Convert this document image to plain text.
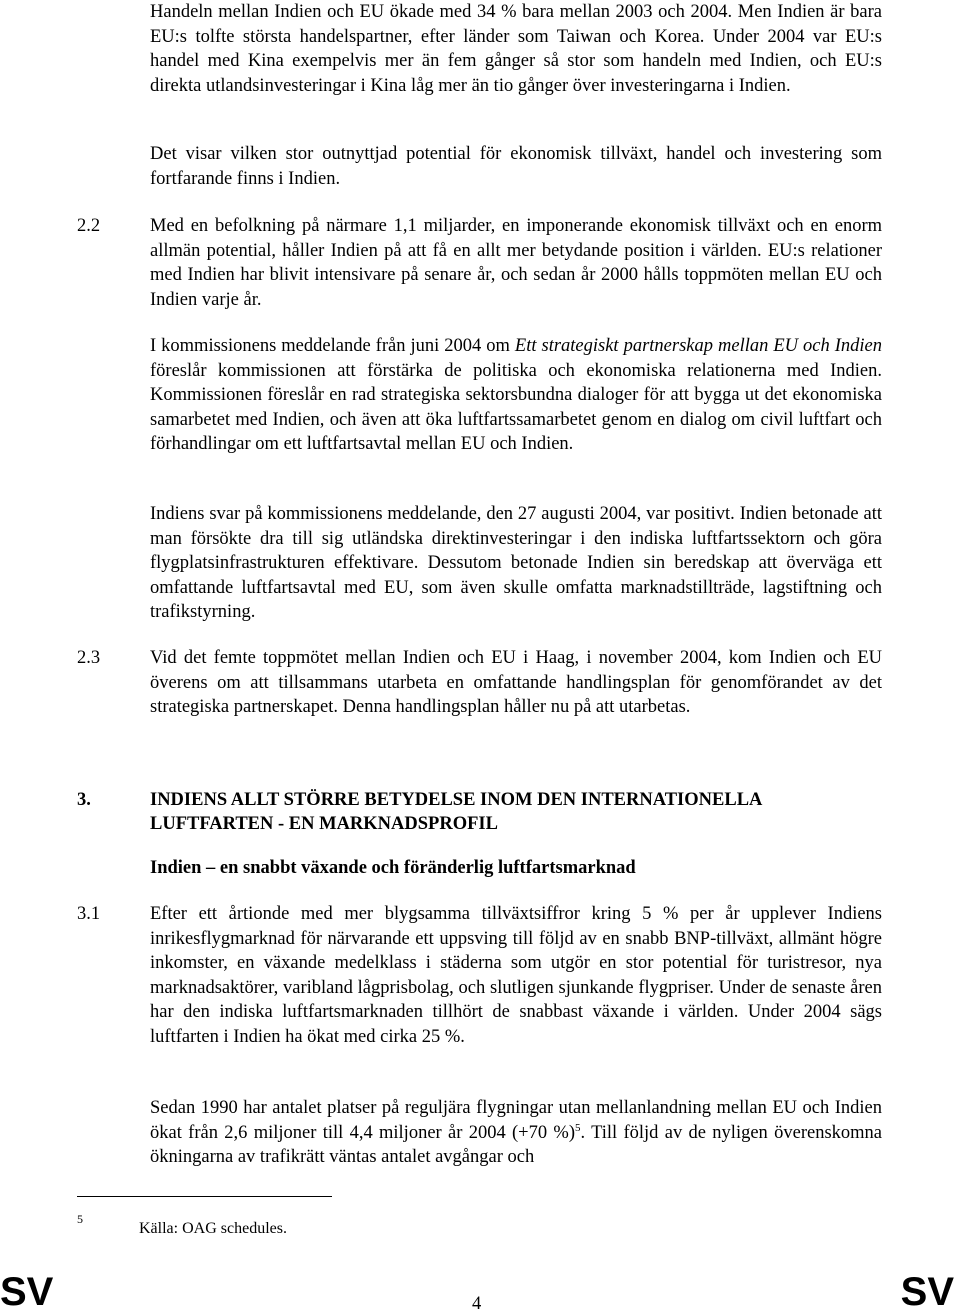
Handeln mellan Indien och EU ökade med 34 % bara mellan 2003 och 2004. Men Indien är bara EU:s tolfte största handelspartner, efter länder som Taiwan och Korea. Under 2004 var EU:s handel med Kina exempelvis mer än fem gånger så stor som handeln med Indien, och EU:s direkta utlandsinvesteringar i Kina låg mer än tio gånger över investeringarna i Indien.

Det visar vilken stor outnyttjad potential för ekonomisk tillväxt, handel och investering som fortfarande finns i Indien.

2.2	Med en befolkning på närmare 1,1 miljarder, en imponerande ekonomisk tillväxt och en enorm allmän potential, håller Indien på att få en allt mer betydande position i världen. EU:s relationer med Indien har blivit intensivare på senare år, och sedan år 2000 hålls toppmöten mellan EU och Indien varje år.

I kommissionens meddelande från juni 2004 om Ett strategiskt partnerskap mellan EU och Indien föreslår kommissionen att förstärka de politiska och ekonomiska relationerna med Indien. Kommissionen föreslår en rad strategiska sektorsbundna dialoger för att bygga ut det ekonomiska samarbetet med Indien, och även att öka luftfartssamarbetet genom en dialog om civil luftfart och förhandlingar om ett luftfartsavtal mellan EU och Indien.

Indiens svar på kommissionens meddelande, den 27 augusti 2004, var positivt. Indien betonade att man försökte dra till sig utländska direktinvesteringar i den indiska luftfartssektorn och göra flygplatsinfrastrukturen effektivare. Dessutom betonade Indien sin beredskap att överväga ett omfattande luftfartsavtal med EU, som även skulle omfatta marknadstillträde, lagstiftning och trafikstyrning.

2.3	Vid det femte toppmötet mellan Indien och EU i Haag, i november 2004, kom Indien och EU överens om att tillsammans utarbeta en omfattande handlingsplan för genomförandet av det strategiska partnerskapet. Denna handlingsplan håller nu på att utarbetas.

3.	INDIENS ALLT STÖRRE BETYDELSE INOM DEN INTERNATIONELLA LUFTFARTEN - EN MARKNADSPROFIL
Indien – en snabbt växande och föränderlig luftfartsmarknad
3.1	Efter ett årtionde med mer blygsamma tillväxtsiffror kring 5 % per år upplever Indiens inrikesflygmarknad för närvarande ett uppsving till följd av en snabb BNP-tillväxt, allmänt högre inkomster, en växande medelklass i städerna som utgör en stor potential för turistresor, nya marknadsaktörer, varibland lågprisbolag, och slutligen sjunkande flygpriser. Under de senaste åren har den indiska luftfartsmarknaden tillhört de snabbast växande i världen. Under 2004 sägs luftfarten i Indien ha ökat med cirka 25 %.

Sedan 1990 har antalet platser på reguljära flygningar utan mellanlandning mellan EU och Indien ökat från 2,6 miljoner till 4,4 miljoner år 2004 (+70 %)$^5$. Till följd av de nyligen överenskomna ökningarna av trafikrätt väntas antalet avgångar och

5
Källa: OAG schedules.
SV	4	SV
